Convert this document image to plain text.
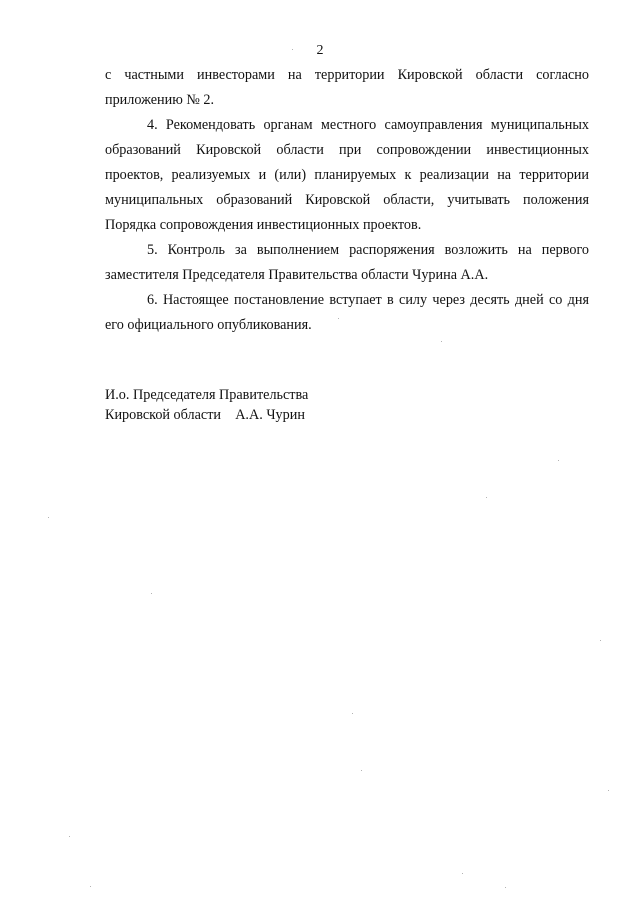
2

с частными инвесторами на территории Кировской области согласно приложению № 2.

4. Рекомендовать органам местного самоуправления муниципальных образований Кировской области при сопровождении инвестиционных проектов, реализуемых и (или) планируемых к реализации на территории муниципальных образований Кировской области, учитывать положения Порядка сопровождения инвестиционных проектов.

5. Контроль за выполнением распоряжения возложить на первого заместителя Председателя Правительства области Чурина А.А.

6. Настоящее постановление вступает в силу через десять дней со дня его официального опубликования.

И.о. Председателя Правительства
Кировской области А.А. Чурин
